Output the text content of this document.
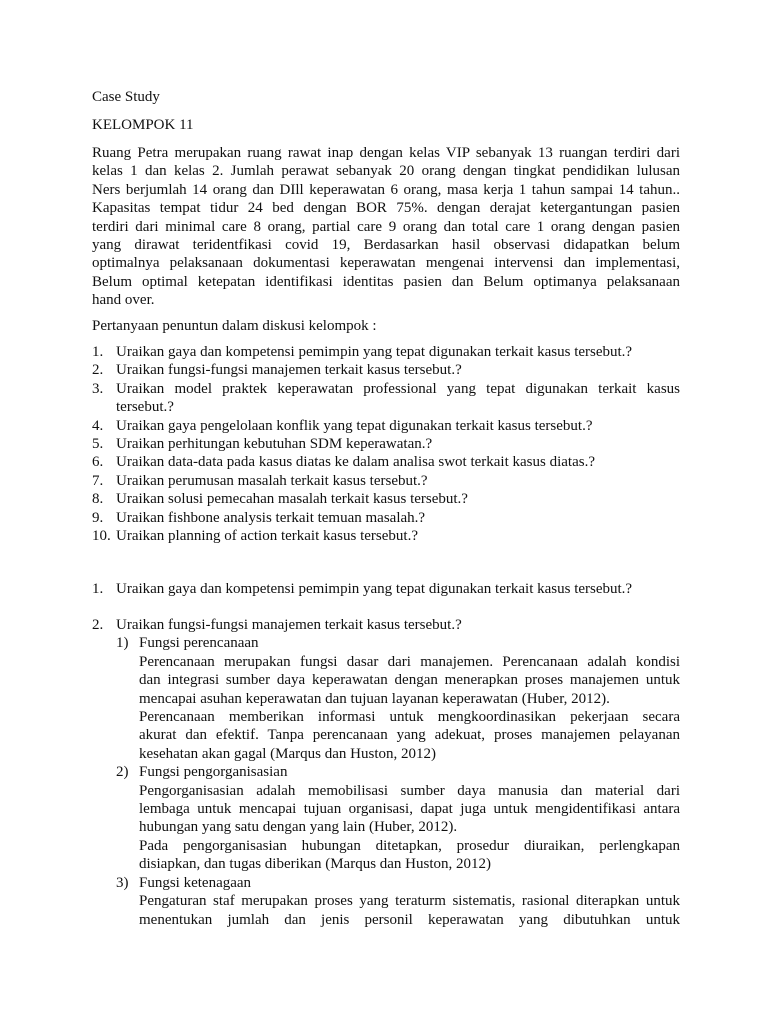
Case Study
KELOMPOK 11
Ruang Petra merupakan ruang rawat inap dengan kelas VIP sebanyak 13 ruangan terdiri dari
kelas 1 dan kelas 2. Jumlah perawat sebanyak 20 orang dengan tingkat pendidikan lulusan
Ners berjumlah 14 orang dan DIll keperawatan 6 orang, masa kerja 1 tahun sampai 14 tahun..
Kapasitas tempat tidur 24 bed dengan BOR 75%. dengan derajat ketergantungan pasien
terdiri dari minimal care 8 orang, partial care 9 orang dan total care 1 orang dengan pasien
yang dirawat teridentfikasi covid 19, Berdasarkan hasil observasi didapatkan belum
optimalnya pelaksanaan dokumentasi keperawatan mengenai intervensi dan implementasi,
Belum optimal ketepatan identifikasi identitas pasien dan Belum optimanya pelaksanaan
hand over.
Pertanyaan penuntun dalam diskusi kelompok :
1. Uraikan gaya dan kompetensi pemimpin yang tepat digunakan terkait kasus tersebut.?
2. Uraikan fungsi-fungsi manajemen terkait kasus tersebut.?
3. Uraikan model praktek keperawatan professional yang tepat digunakan terkait kasus
tersebut.?
4. Uraikan gaya pengelolaan konflik yang tepat digunakan terkait kasus tersebut.?
5. Uraikan perhitungan kebutuhan SDM keperawatan.?
6. Uraikan data-data pada kasus diatas ke dalam analisa swot terkait kasus diatas.?
7. Uraikan perumusan masalah terkait kasus tersebut.?
8. Uraikan solusi pemecahan masalah terkait kasus tersebut.?
9. Uraikan fishbone analysis terkait temuan masalah.?
10. Uraikan planning of action terkait kasus tersebut.?
1. Uraikan gaya dan kompetensi pemimpin yang tepat digunakan terkait kasus tersebut.?
2. Uraikan fungsi-fungsi manajemen terkait kasus tersebut.?
1) Fungsi perencanaan
Perencanaan merupakan fungsi dasar dari manajemen. Perencanaan adalah kondisi
dan integrasi sumber daya keperawatan dengan menerapkan proses manajemen untuk
mencapai asuhan keperawatan dan tujuan layanan keperawatan (Huber, 2012).
Perencanaan memberikan informasi untuk mengkoordinasikan pekerjaan secara
akurat dan efektif. Tanpa perencanaan yang adekuat, proses manajemen pelayanan
kesehatan akan gagal (Marqus dan Huston, 2012)
2) Fungsi pengorganisasian
Pengorganisasian adalah memobilisasi sumber daya manusia dan material dari
lembaga untuk mencapai tujuan organisasi, dapat juga untuk mengidentifikasi antara
hubungan yang satu dengan yang lain (Huber, 2012).
Pada pengorganisasian hubungan ditetapkan, prosedur diuraikan, perlengkapan
disiapkan, dan tugas diberikan (Marqus dan Huston, 2012)
3) Fungsi ketenagaan
Pengaturan staf merupakan proses yang teraturm sistematis, rasional diterapkan untuk
menentukan jumlah dan jenis personil keperawatan yang dibutuhkan untuk
